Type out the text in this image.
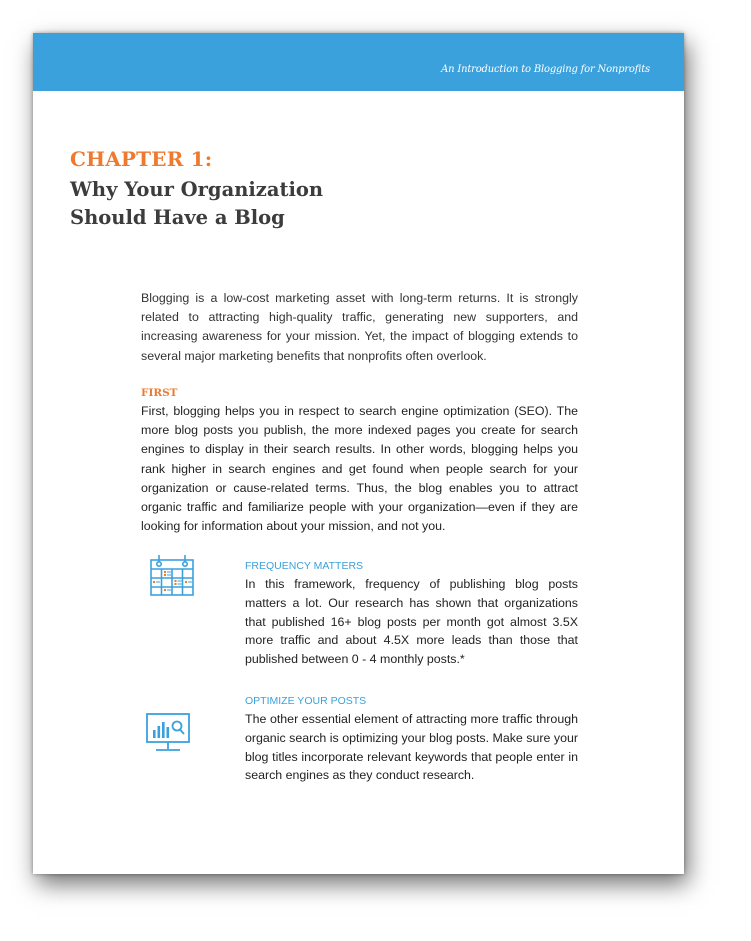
An Introduction to Blogging for Nonprofits
CHAPTER 1:
Why Your Organization
Should Have a Blog

Blogging is a low-cost marketing asset with long-term returns. It is strongly related to attracting high-quality traffic, generating new supporters, and increasing awareness for your mission. Yet, the impact of blogging extends to several major marketing benefits that nonprofits often overlook.

FIRST

First, blogging helps you in respect to search engine optimization (SEO). The more blog posts you publish, the more indexed pages you create for search engines to display in their search results. In other words, blogging helps you rank higher in search engines and get found when people search for your organization or cause-related terms. Thus, the blog enables you to attract organic traffic and familiarize people with your organization—even if they are looking for information about your mission, and not you.

FREQUENCY MATTERS

In this framework, frequency of publishing blog posts matters a lot. Our research has shown that organizations that published 16+ blog posts per month got almost 3.5X more traffic and about 4.5X more leads than those that published between 0 - 4 monthly posts.*

OPTIMIZE YOUR POSTS

The other essential element of attracting more traffic through organic search is optimizing your blog posts. Make sure your blog titles incorporate relevant keywords that people enter in search engines as they conduct research.
